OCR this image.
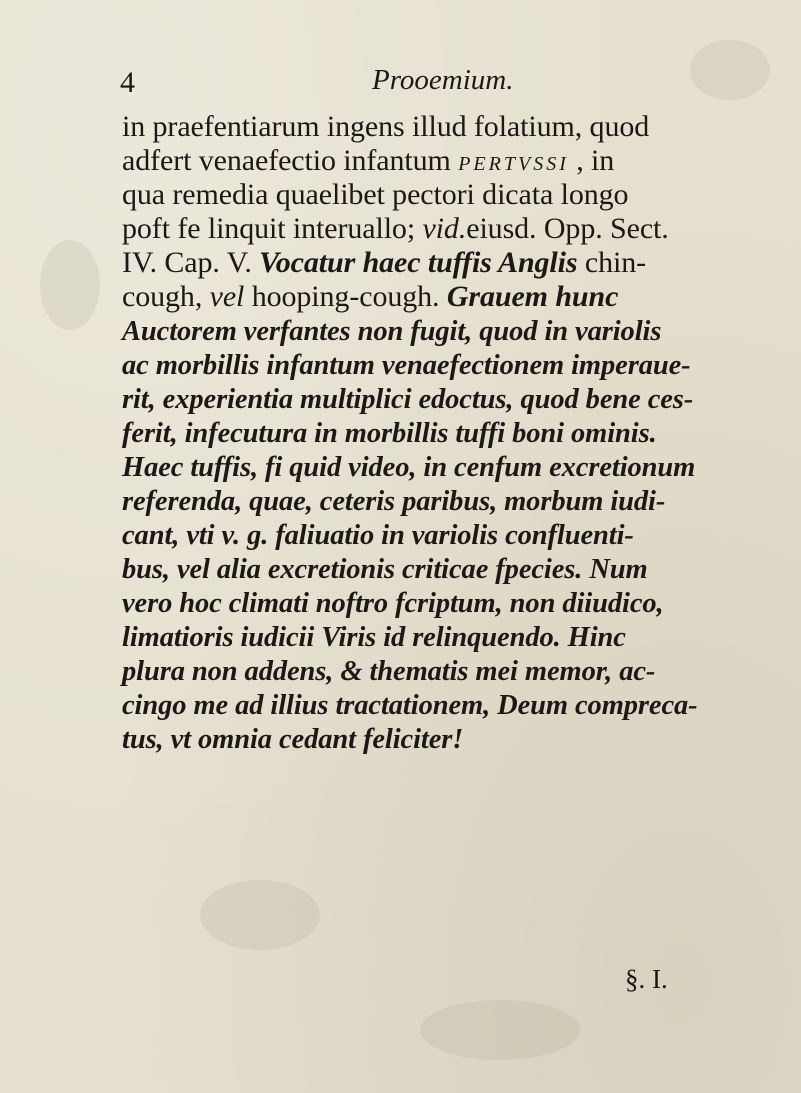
4	Prooemium.
in praefentiarum ingens illud folatium, quod
adfert venaefectio infantum PERTVSSI , in
qua remedia quaelibet pectori dicata longo
poft fe linquit interuallo; vid.eiusd. Opp. Sect.
IV. Cap. V. Vocatur haec tuffis Anglis chin-
cough, vel hooping-cough. Grauem hunc
Auctorem verfantes non fugit, quod in variolis
ac morbillis infantum venaefectionem imperaue-
rit, experientia multiplici edoctus, quod bene ces-
ferit, infecutura in morbillis tuffi boni ominis.
Haec tuffis, fi quid video, in cenfum excretionum
referenda, quae, ceteris paribus, morbum iudi-
cant, vti v. g. faliuatio in variolis confluenti-
bus, vel alia excretionis criticae fpecies. Num
vero hoc climati noftro fcriptum, non diiudico,
limatioris iudicii Viris id relinquendo. Hinc
plura non addens, & thematis mei memor, ac-
cingo me ad illius tractationem, Deum compreca-
tus, vt omnia cedant feliciter!
§. I.
